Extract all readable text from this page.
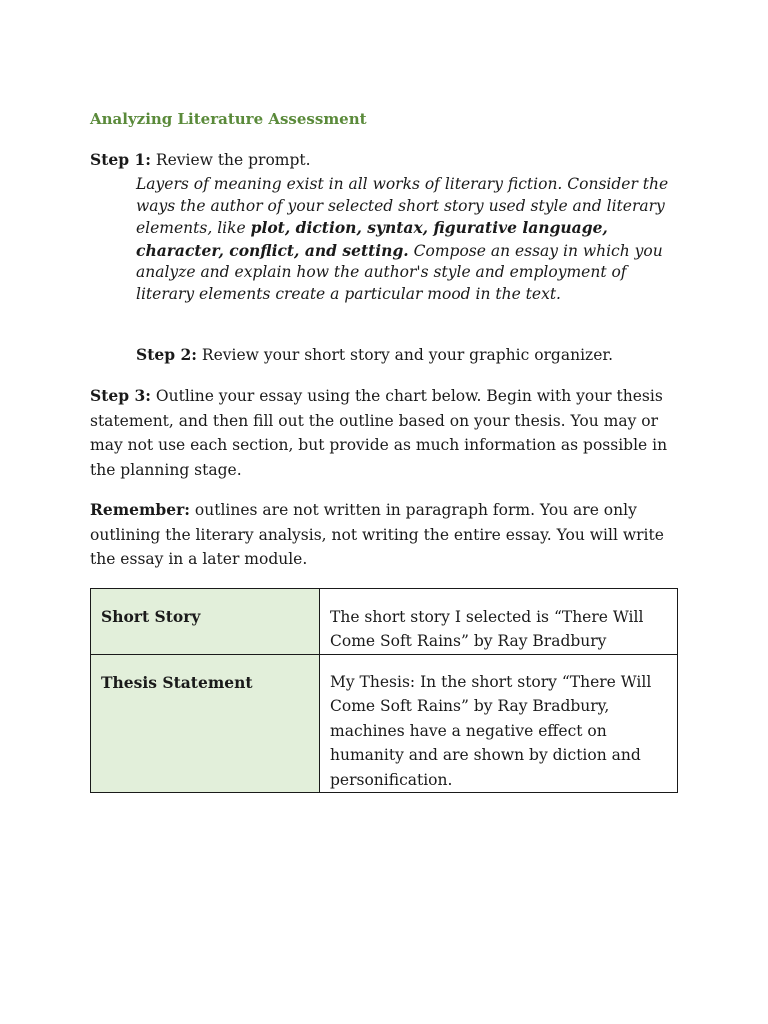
Analyzing Literature Assessment

Step 1: Review the prompt.

Layers of meaning exist in all works of literary fiction. Consider the ways the author of your selected short story used style and literary elements, like plot, diction, syntax, figurative language, character, conflict, and setting. Compose an essay in which you analyze and explain how the author's style and employment of literary elements create a particular mood in the text.

Step 2: Review your short story and your graphic organizer.

Step 3: Outline your essay using the chart below. Begin with your thesis statement, and then fill out the outline based on your thesis. You may or may not use each section, but provide as much information as possible in the planning stage.

Remember: outlines are not written in paragraph form. You are only outlining the literary analysis, not writing the entire essay. You will write the essay in a later module.

Short Story	The short story I selected is “There Will Come Soft Rains” by Ray Bradbury
Thesis Statement	My Thesis: In the short story “There Will Come Soft Rains” by Ray Bradbury, machines have a negative effect on humanity and are shown by diction and personification.
